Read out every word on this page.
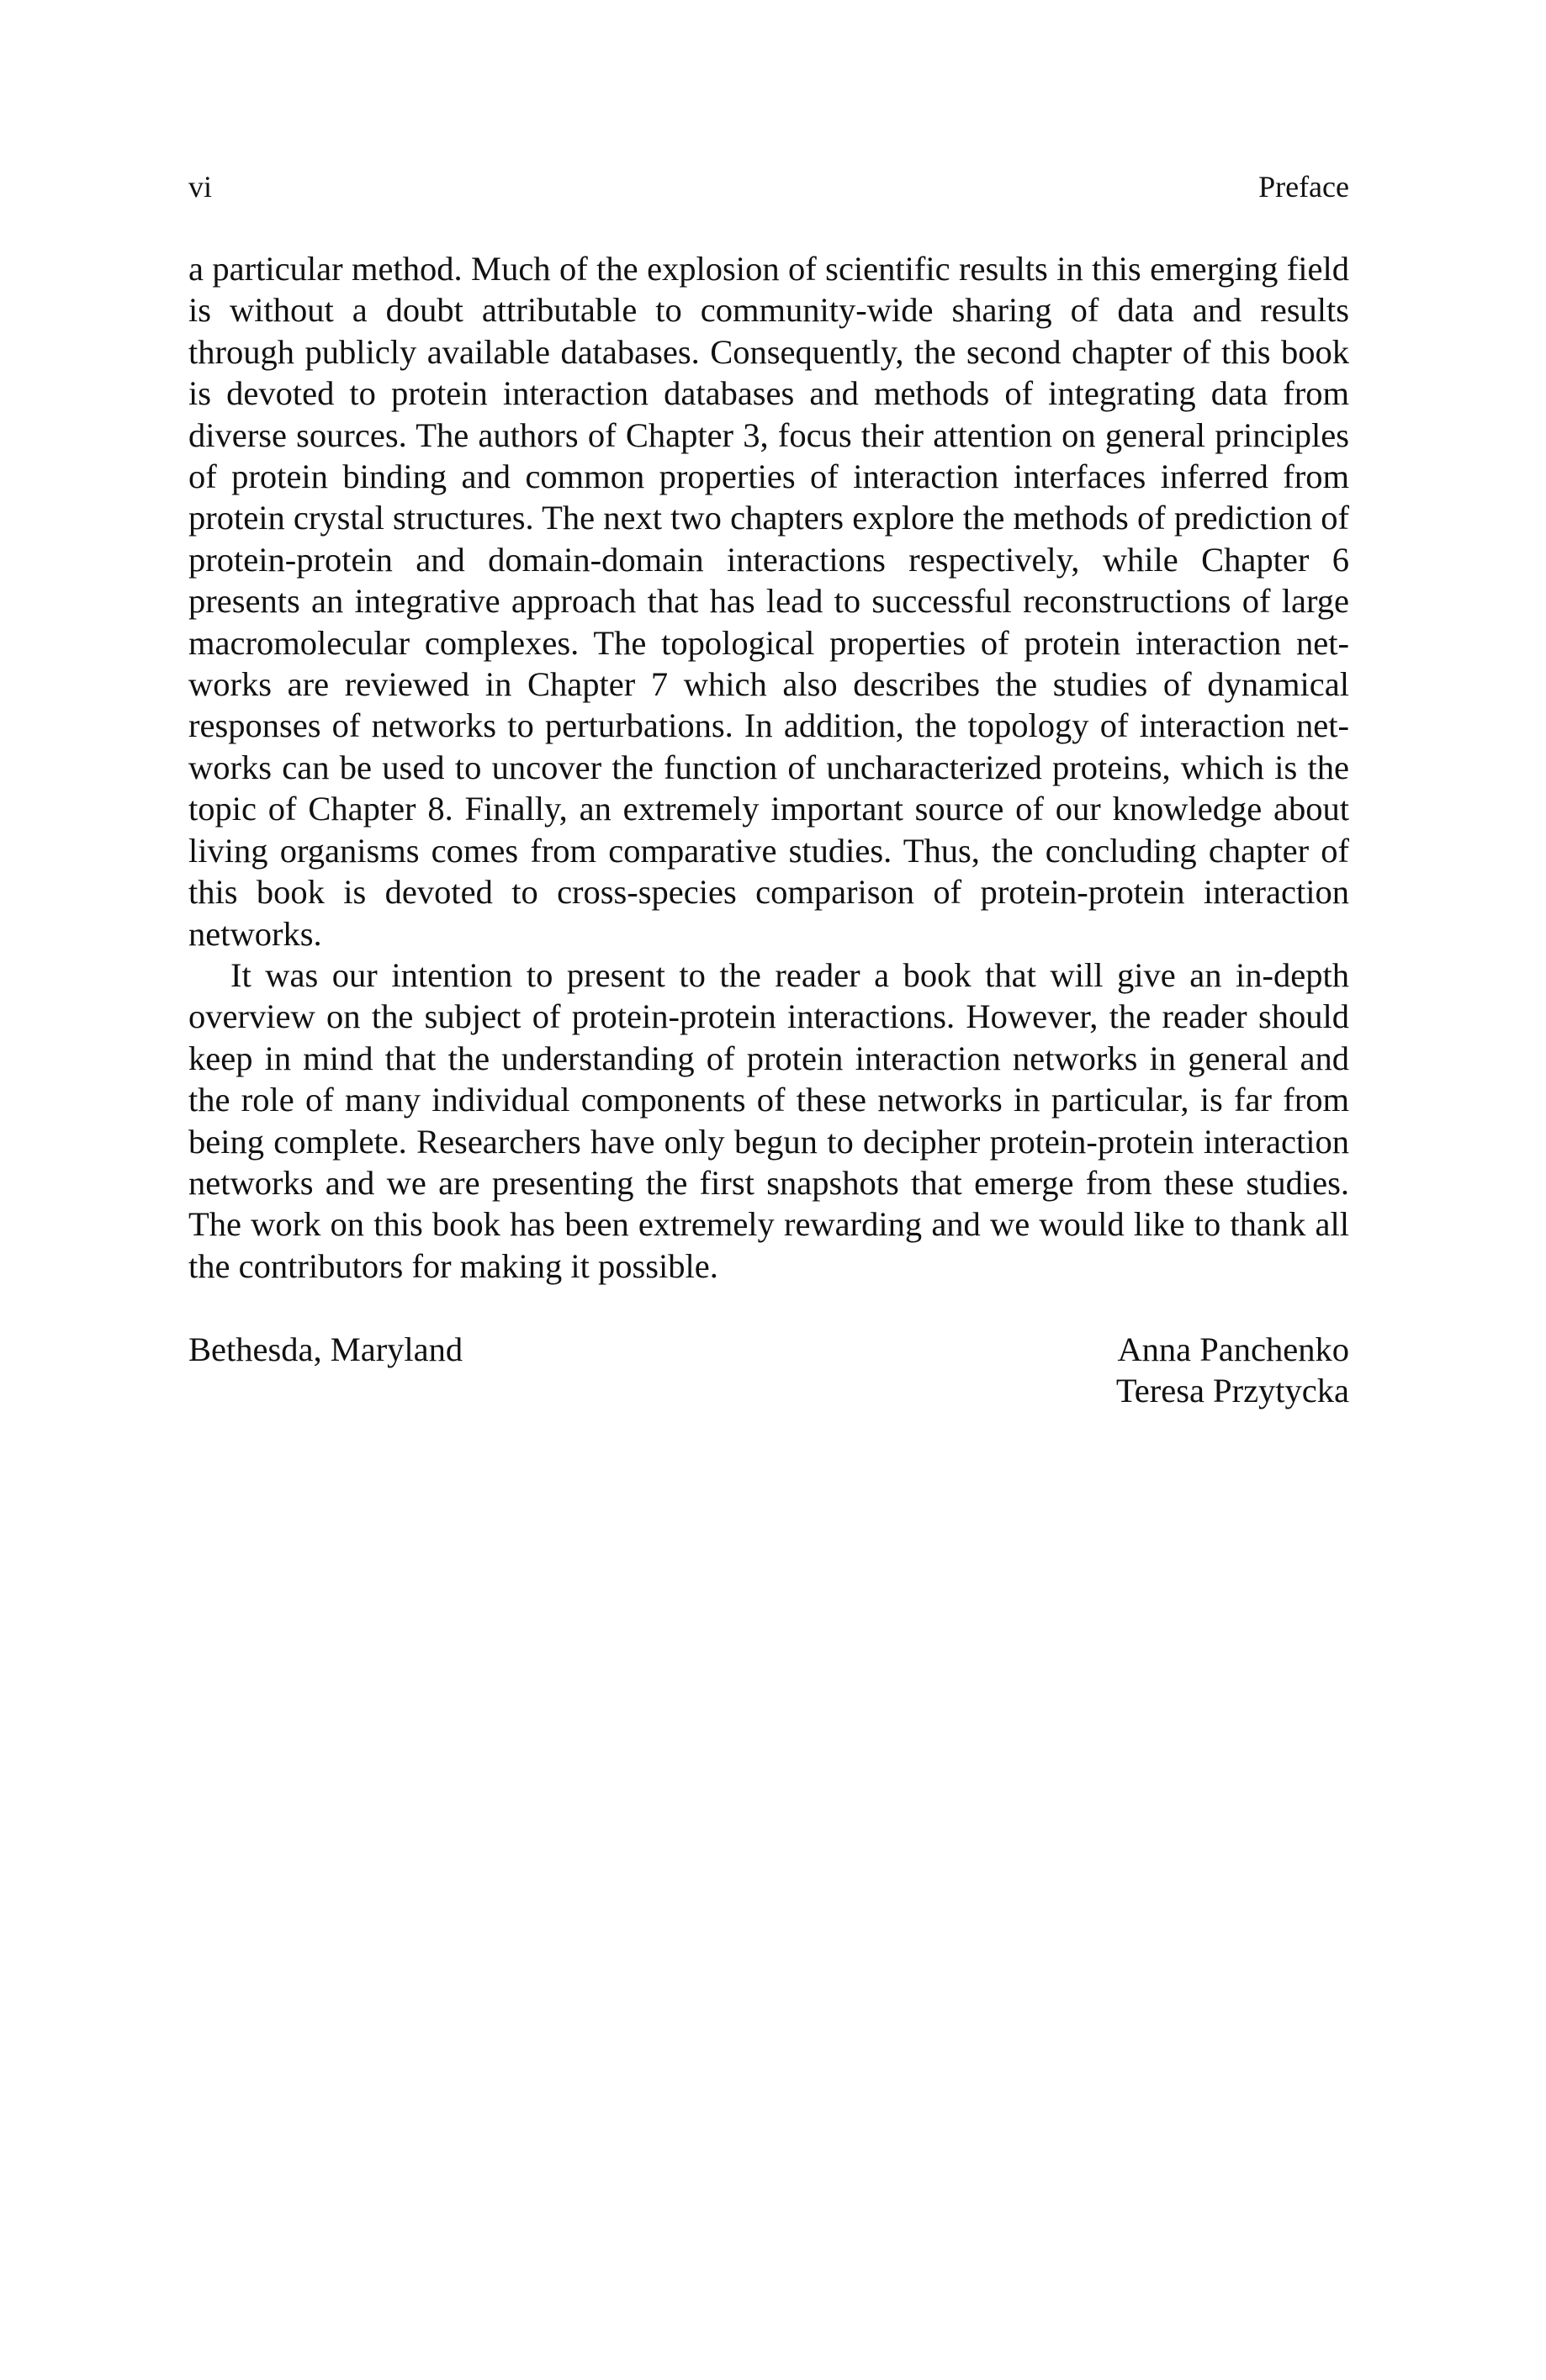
vi	Preface

a particular method. Much of the explosion of scientific results in this emerging field is without a doubt attributable to community-wide sharing of data and results through publicly available databases. Consequently, the second chapter of this book is devoted to protein interaction databases and methods of integrating data from diverse sources. The authors of Chapter 3, focus their attention on general principles of protein binding and common properties of interaction interfaces inferred from protein crystal structures. The next two chapters explore the methods of prediction of protein-protein and domain-domain interactions respectively, while Chapter 6 presents an integrative approach that has lead to successful reconstructions of large macromolecular complexes. The topological properties of protein interaction networks are reviewed in Chapter 7 which also describes the studies of dynamical responses of networks to perturbations. In addition, the topology of interaction networks can be used to uncover the function of uncharacterized proteins, which is the topic of Chapter 8. Finally, an extremely important source of our knowledge about living organisms comes from comparative studies. Thus, the concluding chapter of this book is devoted to cross-species comparison of protein-protein interaction networks.

It was our intention to present to the reader a book that will give an in-depth overview on the subject of protein-protein interactions. However, the reader should keep in mind that the understanding of protein interaction networks in general and the role of many individual components of these networks in particular, is far from being complete. Researchers have only begun to decipher protein-protein interaction networks and we are presenting the first snapshots that emerge from these studies. The work on this book has been extremely rewarding and we would like to thank all the contributors for making it possible.

Bethesda, Maryland	Anna Panchenko
Teresa Przytycka
